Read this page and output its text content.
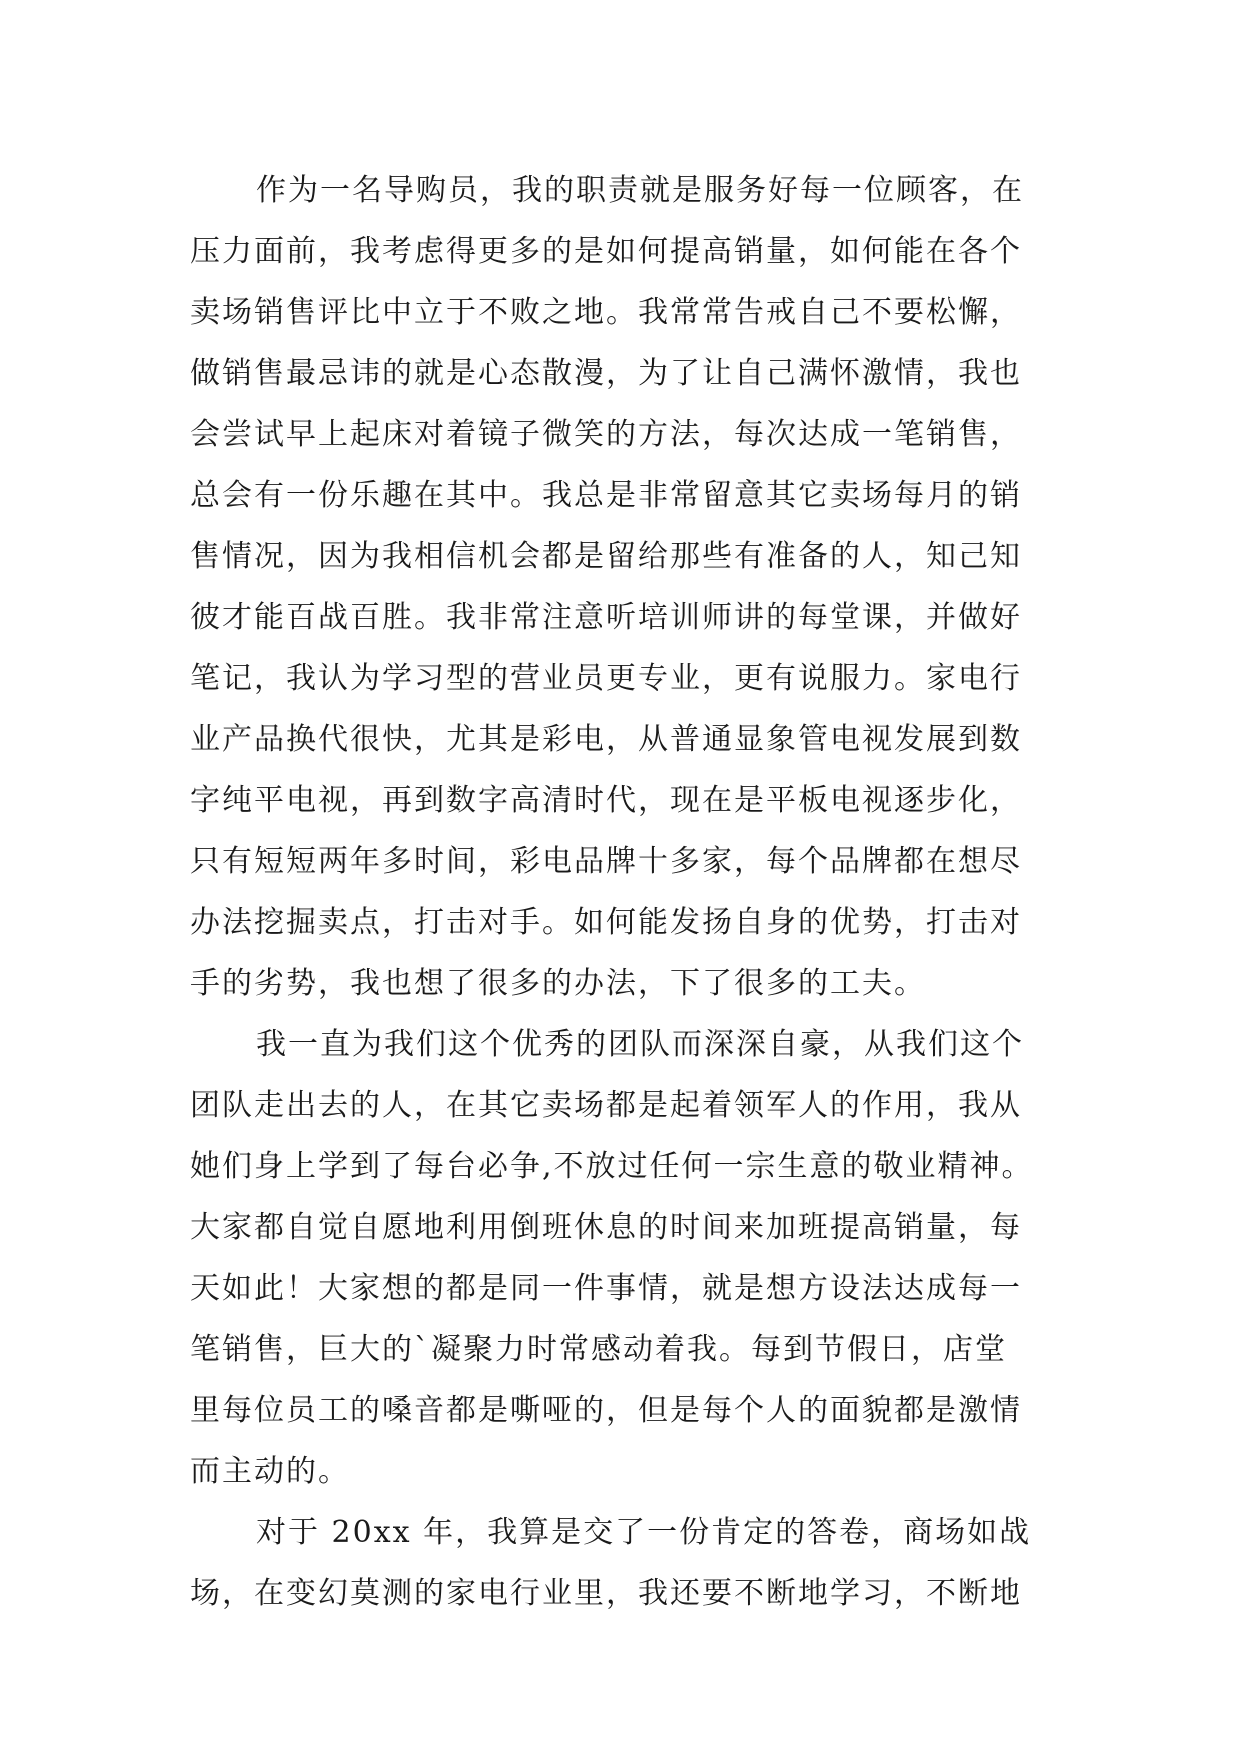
作为一名导购员，我的职责就是服务好每一位顾客，在
压力面前，我考虑得更多的是如何提高销量，如何能在各个
卖场销售评比中立于不败之地。我常常告戒自己不要松懈，
做销售最忌讳的就是心态散漫，为了让自己满怀激情，我也
会尝试早上起床对着镜子微笑的方法，每次达成一笔销售，
总会有一份乐趣在其中。我总是非常留意其它卖场每月的销
售情况，因为我相信机会都是留给那些有准备的人，知己知
彼才能百战百胜。我非常注意听培训师讲的每堂课，并做好
笔记，我认为学习型的营业员更专业，更有说服力。家电行
业产品换代很快，尤其是彩电，从普通显象管电视发展到数
字纯平电视，再到数字高清时代，现在是平板电视逐步化，
只有短短两年多时间，彩电品牌十多家，每个品牌都在想尽
办法挖掘卖点，打击对手。如何能发扬自身的优势，打击对
手的劣势，我也想了很多的办法，下了很多的工夫。
我一直为我们这个优秀的团队而深深自豪，从我们这个
团队走出去的人，在其它卖场都是起着领军人的作用，我从
她们身上学到了每台必争,不放过任何一宗生意的敬业精神。
大家都自觉自愿地利用倒班休息的时间来加班提高销量，每
天如此！大家想的都是同一件事情，就是想方设法达成每一
笔销售，巨大的`凝聚力时常感动着我。每到节假日，店堂
里每位员工的嗓音都是嘶哑的，但是每个人的面貌都是激情
而主动的。
对于 20xx 年，我算是交了一份肯定的答卷，商场如战
场，在变幻莫测的家电行业里，我还要不断地学习，不断地
